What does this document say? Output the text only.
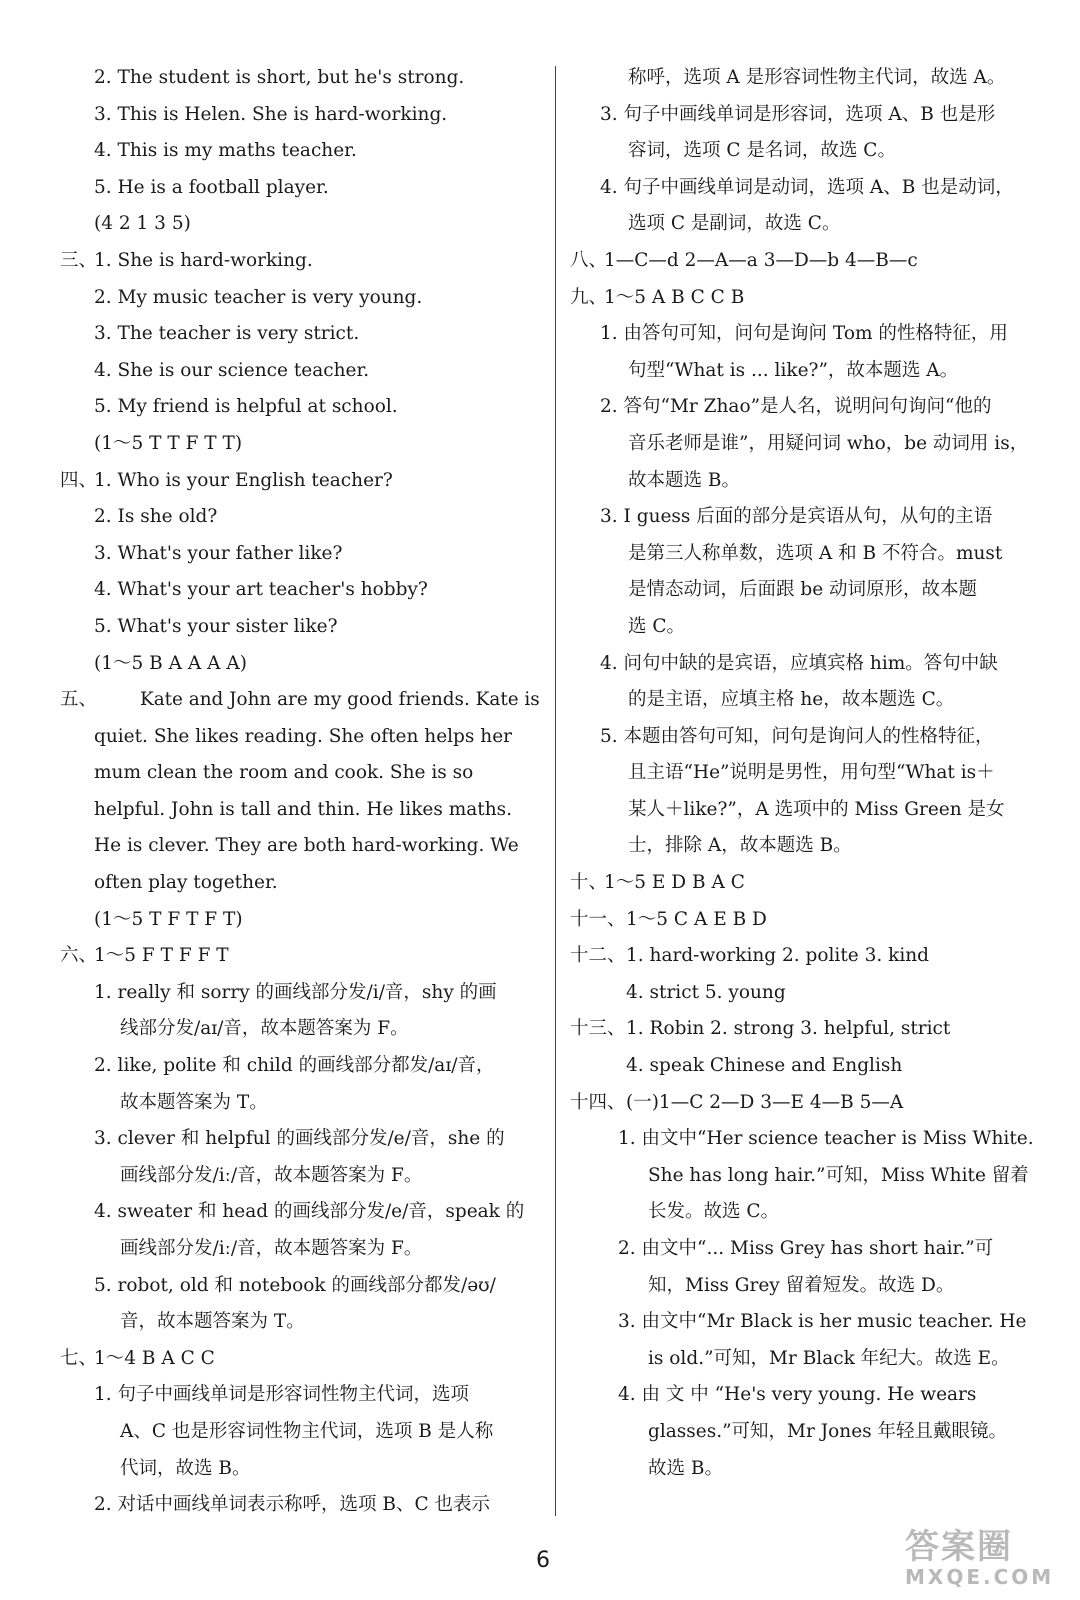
2. The student is short, but he's strong.
3. This is Helen. She is hard-working.
4. This is my maths teacher.
5. He is a football player.
(4 2 1 3 5)
三、
1. She is hard-working.
2. My music teacher is very young.
3. The teacher is very strict.
4. She is our science teacher.
5. My friend is helpful at school.
(1～5 T T F T T)
四、
1. Who is your English teacher?
2. Is she old?
3. What's your father like?
4. What's your art teacher's hobby?
5. What's your sister like?
(1～5 B A A A A)
五、 Kate and John are my good friends. Kate is
quiet. She likes reading. She often helps her
mum clean the room and cook. She is so
helpful. John is tall and thin. He likes maths.
He is clever. They are both hard-working. We
often play together.
(1～5 T F T F T)
六、
1～5 F T F F T
1. really 和 sorry 的画线部分发/i/音，shy 的画
线部分发/aɪ/音，故本题答案为 F。
2. like, polite 和 child 的画线部分都发/aɪ/音，
故本题答案为 T。
3. clever 和 helpful 的画线部分发/e/音，she 的
画线部分发/iː/音，故本题答案为 F。
4. sweater 和 head 的画线部分发/e/音，speak 的
画线部分发/iː/音，故本题答案为 F。
5. robot, old 和 notebook 的画线部分都发/əʊ/
音，故本题答案为 T。
七、
1～4 B A C C
1. 句子中画线单词是形容词性物主代词，选项
A、C 也是形容词性物主代词，选项 B 是人称
代词，故选 B。
2. 对话中画线单词表示称呼，选项 B、C 也表示
称呼，选项 A 是形容词性物主代词，故选 A。
3. 句子中画线单词是形容词，选项 A、B 也是形
容词，选项 C 是名词，故选 C。
4. 句子中画线单词是动词，选项 A、B 也是动词，
选项 C 是副词，故选 C。
八、
1—C—d 2—A—a 3—D—b 4—B—c
九、
1～5 A B C C B
1. 由答句可知，问句是询问 Tom 的性格特征，用
句型“What is ... like?”，故本题选 A。
2. 答句“Mr Zhao”是人名，说明问句询问“他的
音乐老师是谁”，用疑问词 who，be 动词用 is，
故本题选 B。
3. I guess 后面的部分是宾语从句，从句的主语
是第三人称单数，选项 A 和 B 不符合。must
是情态动词，后面跟 be 动词原形，故本题
选 C。
4. 问句中缺的是宾语，应填宾格 him。答句中缺
的是主语，应填主格 he，故本题选 C。
5. 本题由答句可知，问句是询问人的性格特征，
且主语“He”说明是男性，用句型“What is＋
某人＋like?”，A 选项中的 Miss Green 是女
士，排除 A，故本题选 B。
十、
1～5 E D B A C
十一、 1～5 C A E B D
十二、 1. hard-working 2. polite 3. kind
4. strict 5. young
十三、 1. Robin 2. strong 3. helpful, strict
4. speak Chinese and English
十四、 (一)1—C 2—D 3—E 4—B 5—A
1. 由文中“Her science teacher is Miss White.
She has long hair.”可知，Miss White 留着
长发。故选 C。
2. 由文中“... Miss Grey has short hair.”可
知，Miss Grey 留着短发。故选 D。
3. 由文中“Mr Black is her music teacher. He
is old.”可知，Mr Black 年纪大。故选 E。
4. 由 文 中 “He's very young. He wears
glasses.”可知，Mr Jones 年轻且戴眼镜。
故选 B。
6	答案圈
MXQE.COM
